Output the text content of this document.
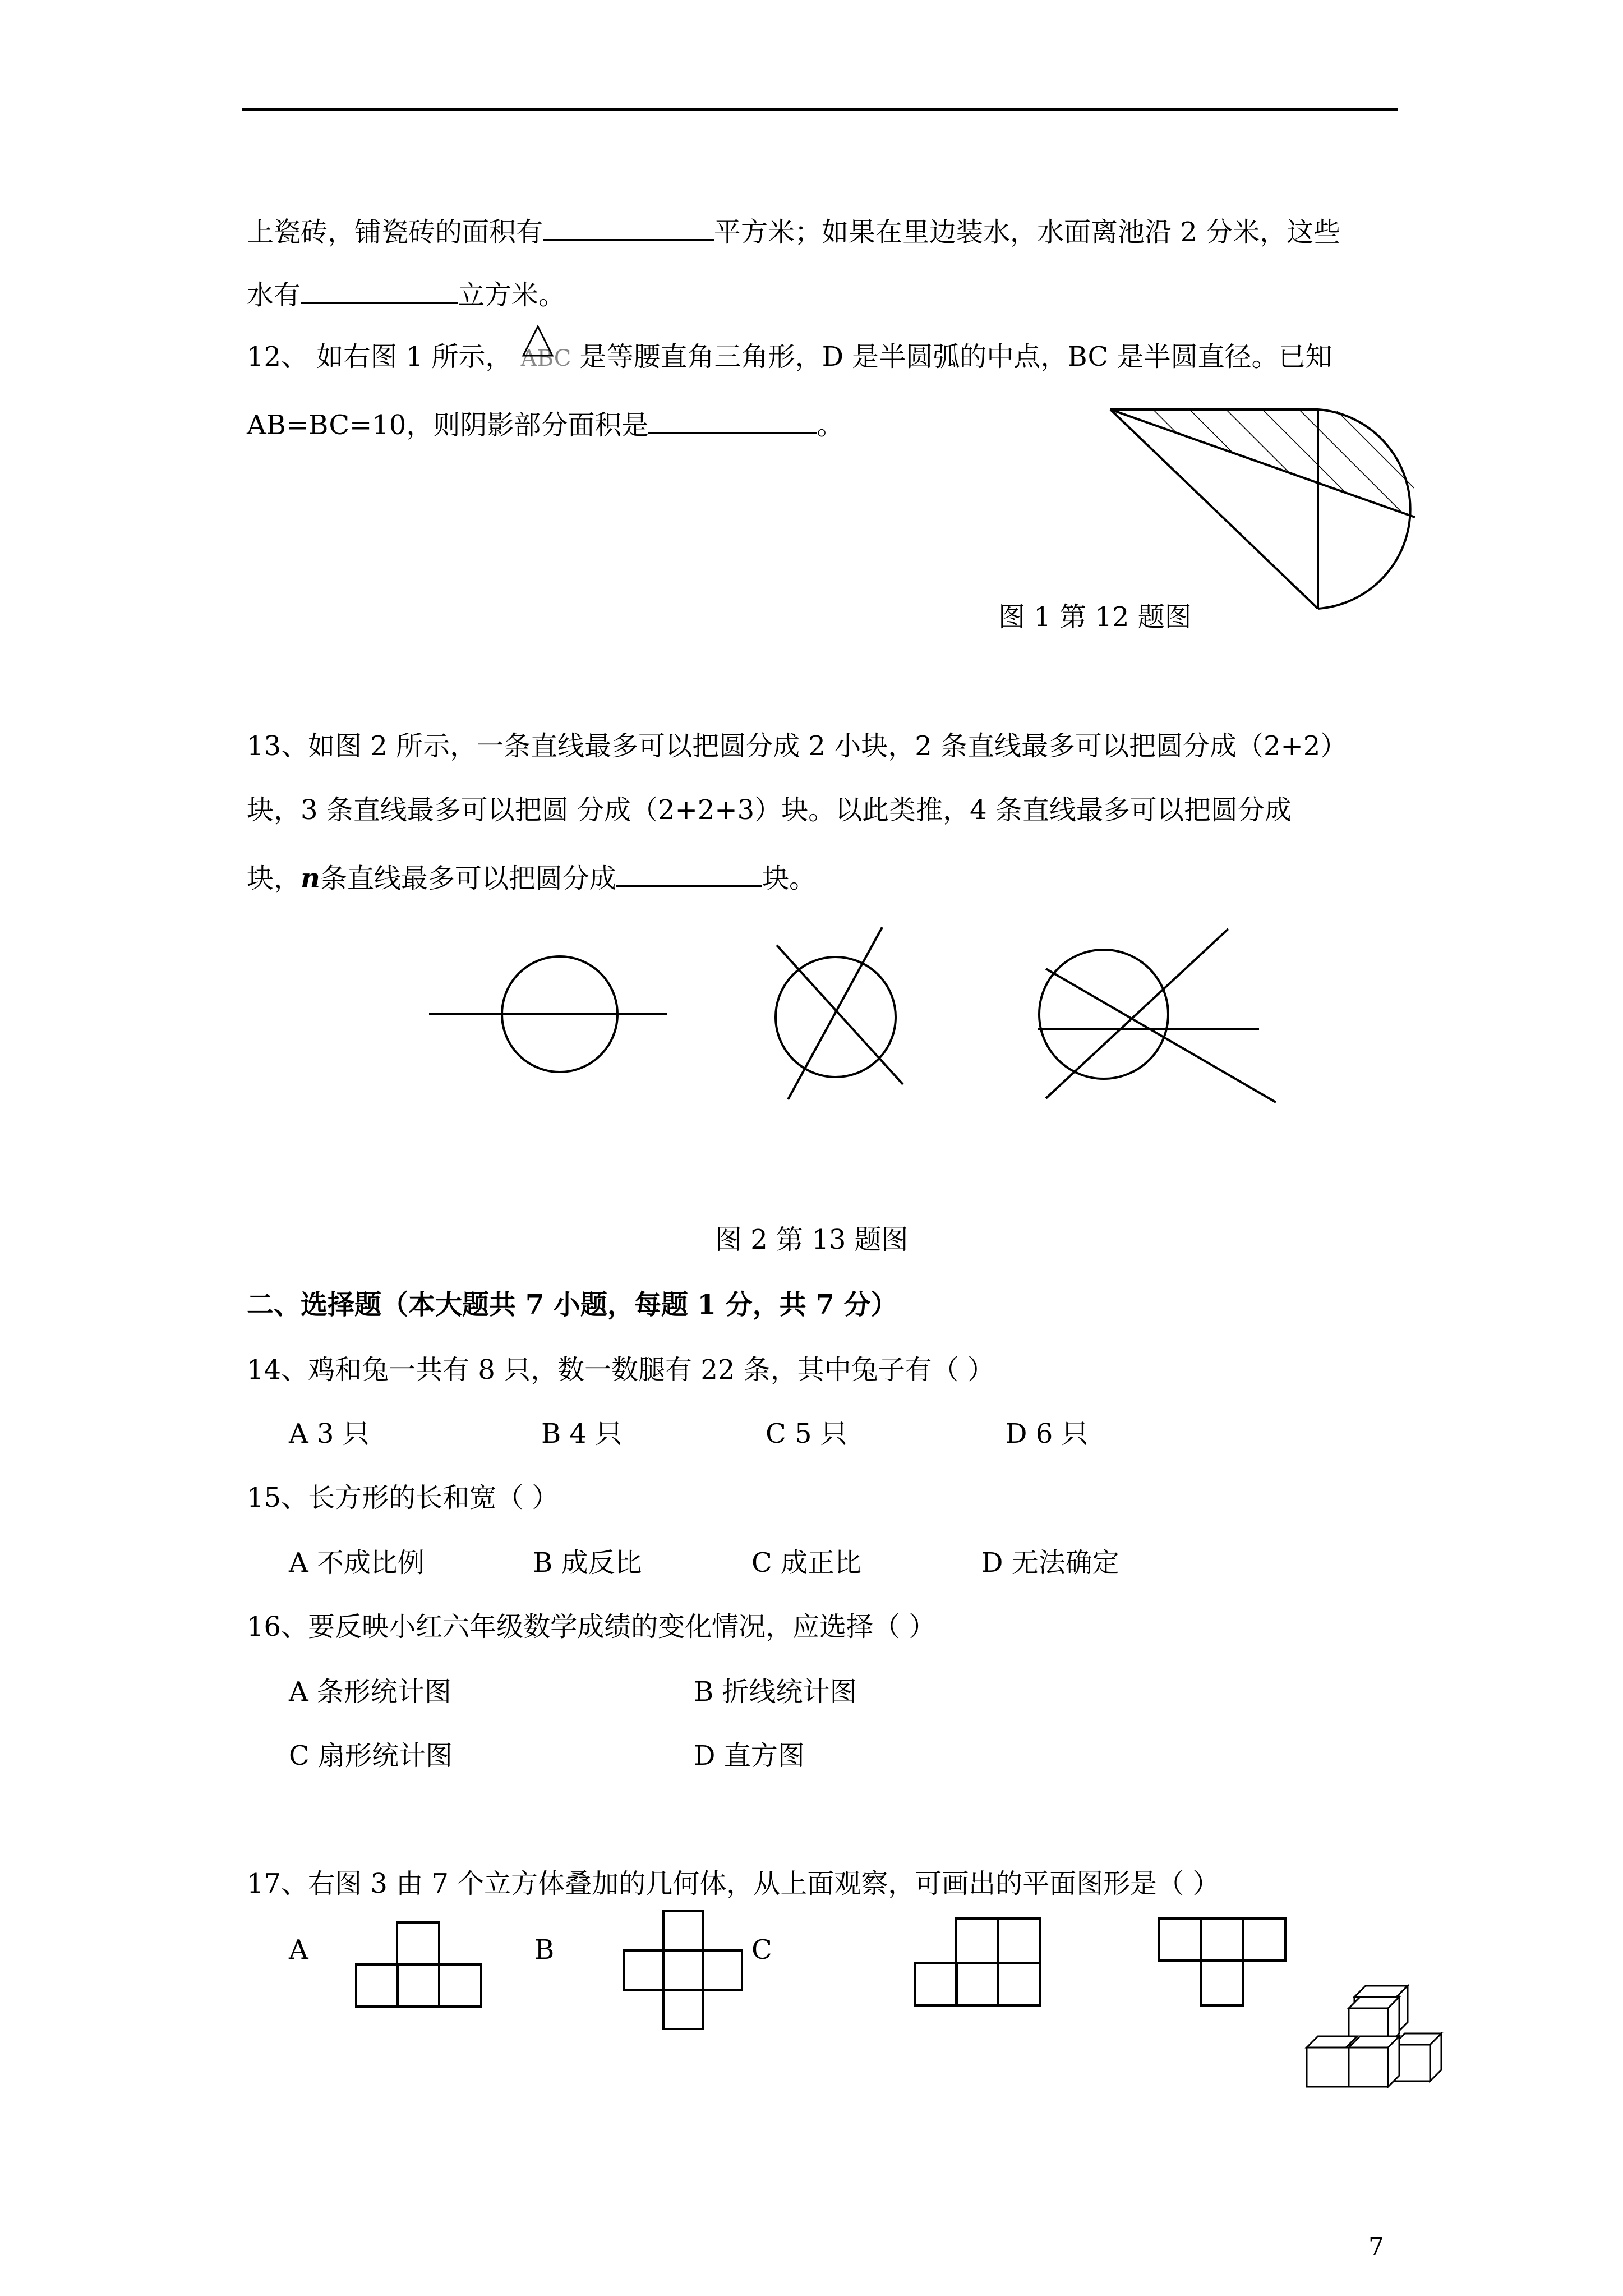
上瓷砖，铺瓷砖的面积有	平方米；如果在里边装水，水面离池沿 2 分米，这些
水有	立方米。
12、 如右图 1 所示， ABC 是等腰直角三角形，D 是半圆弧的中点，BC 是半圆直径。已知
AB=BC=10，则阴影部分面积是	。
图 1 第 12 题图
13、如图 2 所示，一条直线最多可以把圆分成 2 小块，2 条直线最多可以把圆分成（2+2）
块，3 条直线最多可以把圆 分成（2+2+3）块。以此类推，4 条直线最多可以把圆分成
块，n条直线最多可以把圆分成	块。
图 2 第 13 题图
二、选择题（本大题共 7 小题，每题 1 分，共 7 分）
14、鸡和兔一共有 8 只，数一数腿有 22 条，其中兔子有（ ）
A 3 只	B 4 只	C 5 只	D 6 只
15、长方形的长和宽（ ）
A 不成比例	B 成反比	C 成正比	D 无法确定
16、要反映小红六年级数学成绩的变化情况，应选择（ ）
A 条形统计图	B 折线统计图
C 扇形统计图	D 直方图
17、右图 3 由 7 个立方体叠加的几何体，从上面观察，可画出的平面图形是（ ）
A	B	C
7
